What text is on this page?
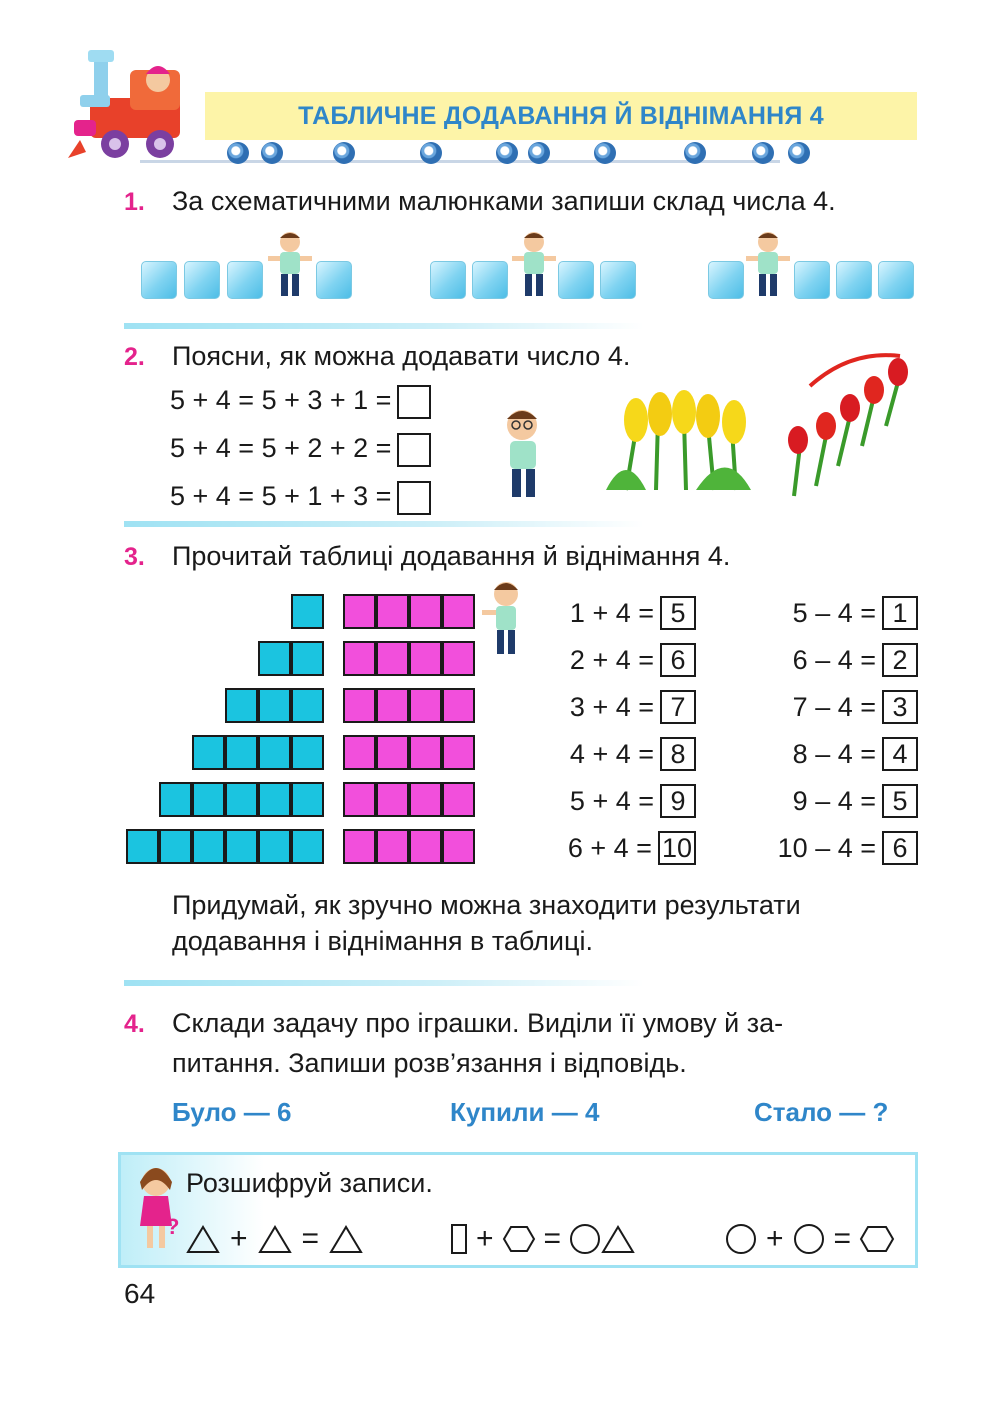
ТАБЛИЧНЕ ДОДАВАННЯ Й ВІДНІМАННЯ 4
1. За схематичними малюнками запиши склад числа 4.
2. Поясни, як можна додавати число 4.
5 + 4 = 5 + 3 + 1 =
5 + 4 = 5 + 2 + 2 =
5 + 4 = 5 + 1 + 3 =
3. Прочитай таблиці додавання й віднімання 4.
1 + 4 = 5
2 + 4 = 6
3 + 4 = 7
4 + 4 = 8
5 + 4 = 9
6 + 4 = 10
5 – 4 = 1
6 – 4 = 2
7 – 4 = 3
8 – 4 = 4
9 – 4 = 5
10 – 4 = 6
Придумай, як зручно можна знаходити результати
додавання і віднімання в таблиці.
4. Склади задачу про іграшки. Виділи її умову й за-
питання. Запиши розв’язання і відповідь.
Було — 6	Купили — 4	Стало — ?
?
Розшифруй записи.
+ =	+ =	+ =
64
